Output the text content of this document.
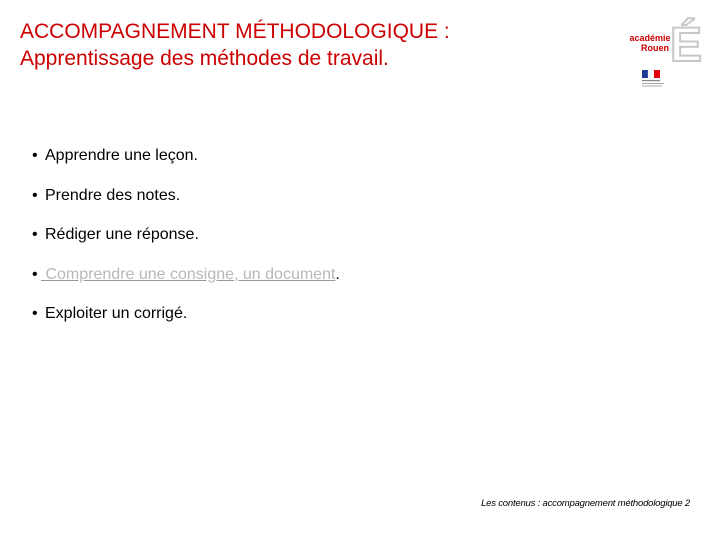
ACCOMPAGNEMENT MÉTHODOLOGIQUE :
Apprentissage des méthodes de travail.	É
académie
Rouen
• Apprendre une leçon.
• Prendre des notes.
• Rédiger une réponse.
• Comprendre une consigne, un document.
• Exploiter un corrigé.
Les contenus : accompagnement méthodologique 2
